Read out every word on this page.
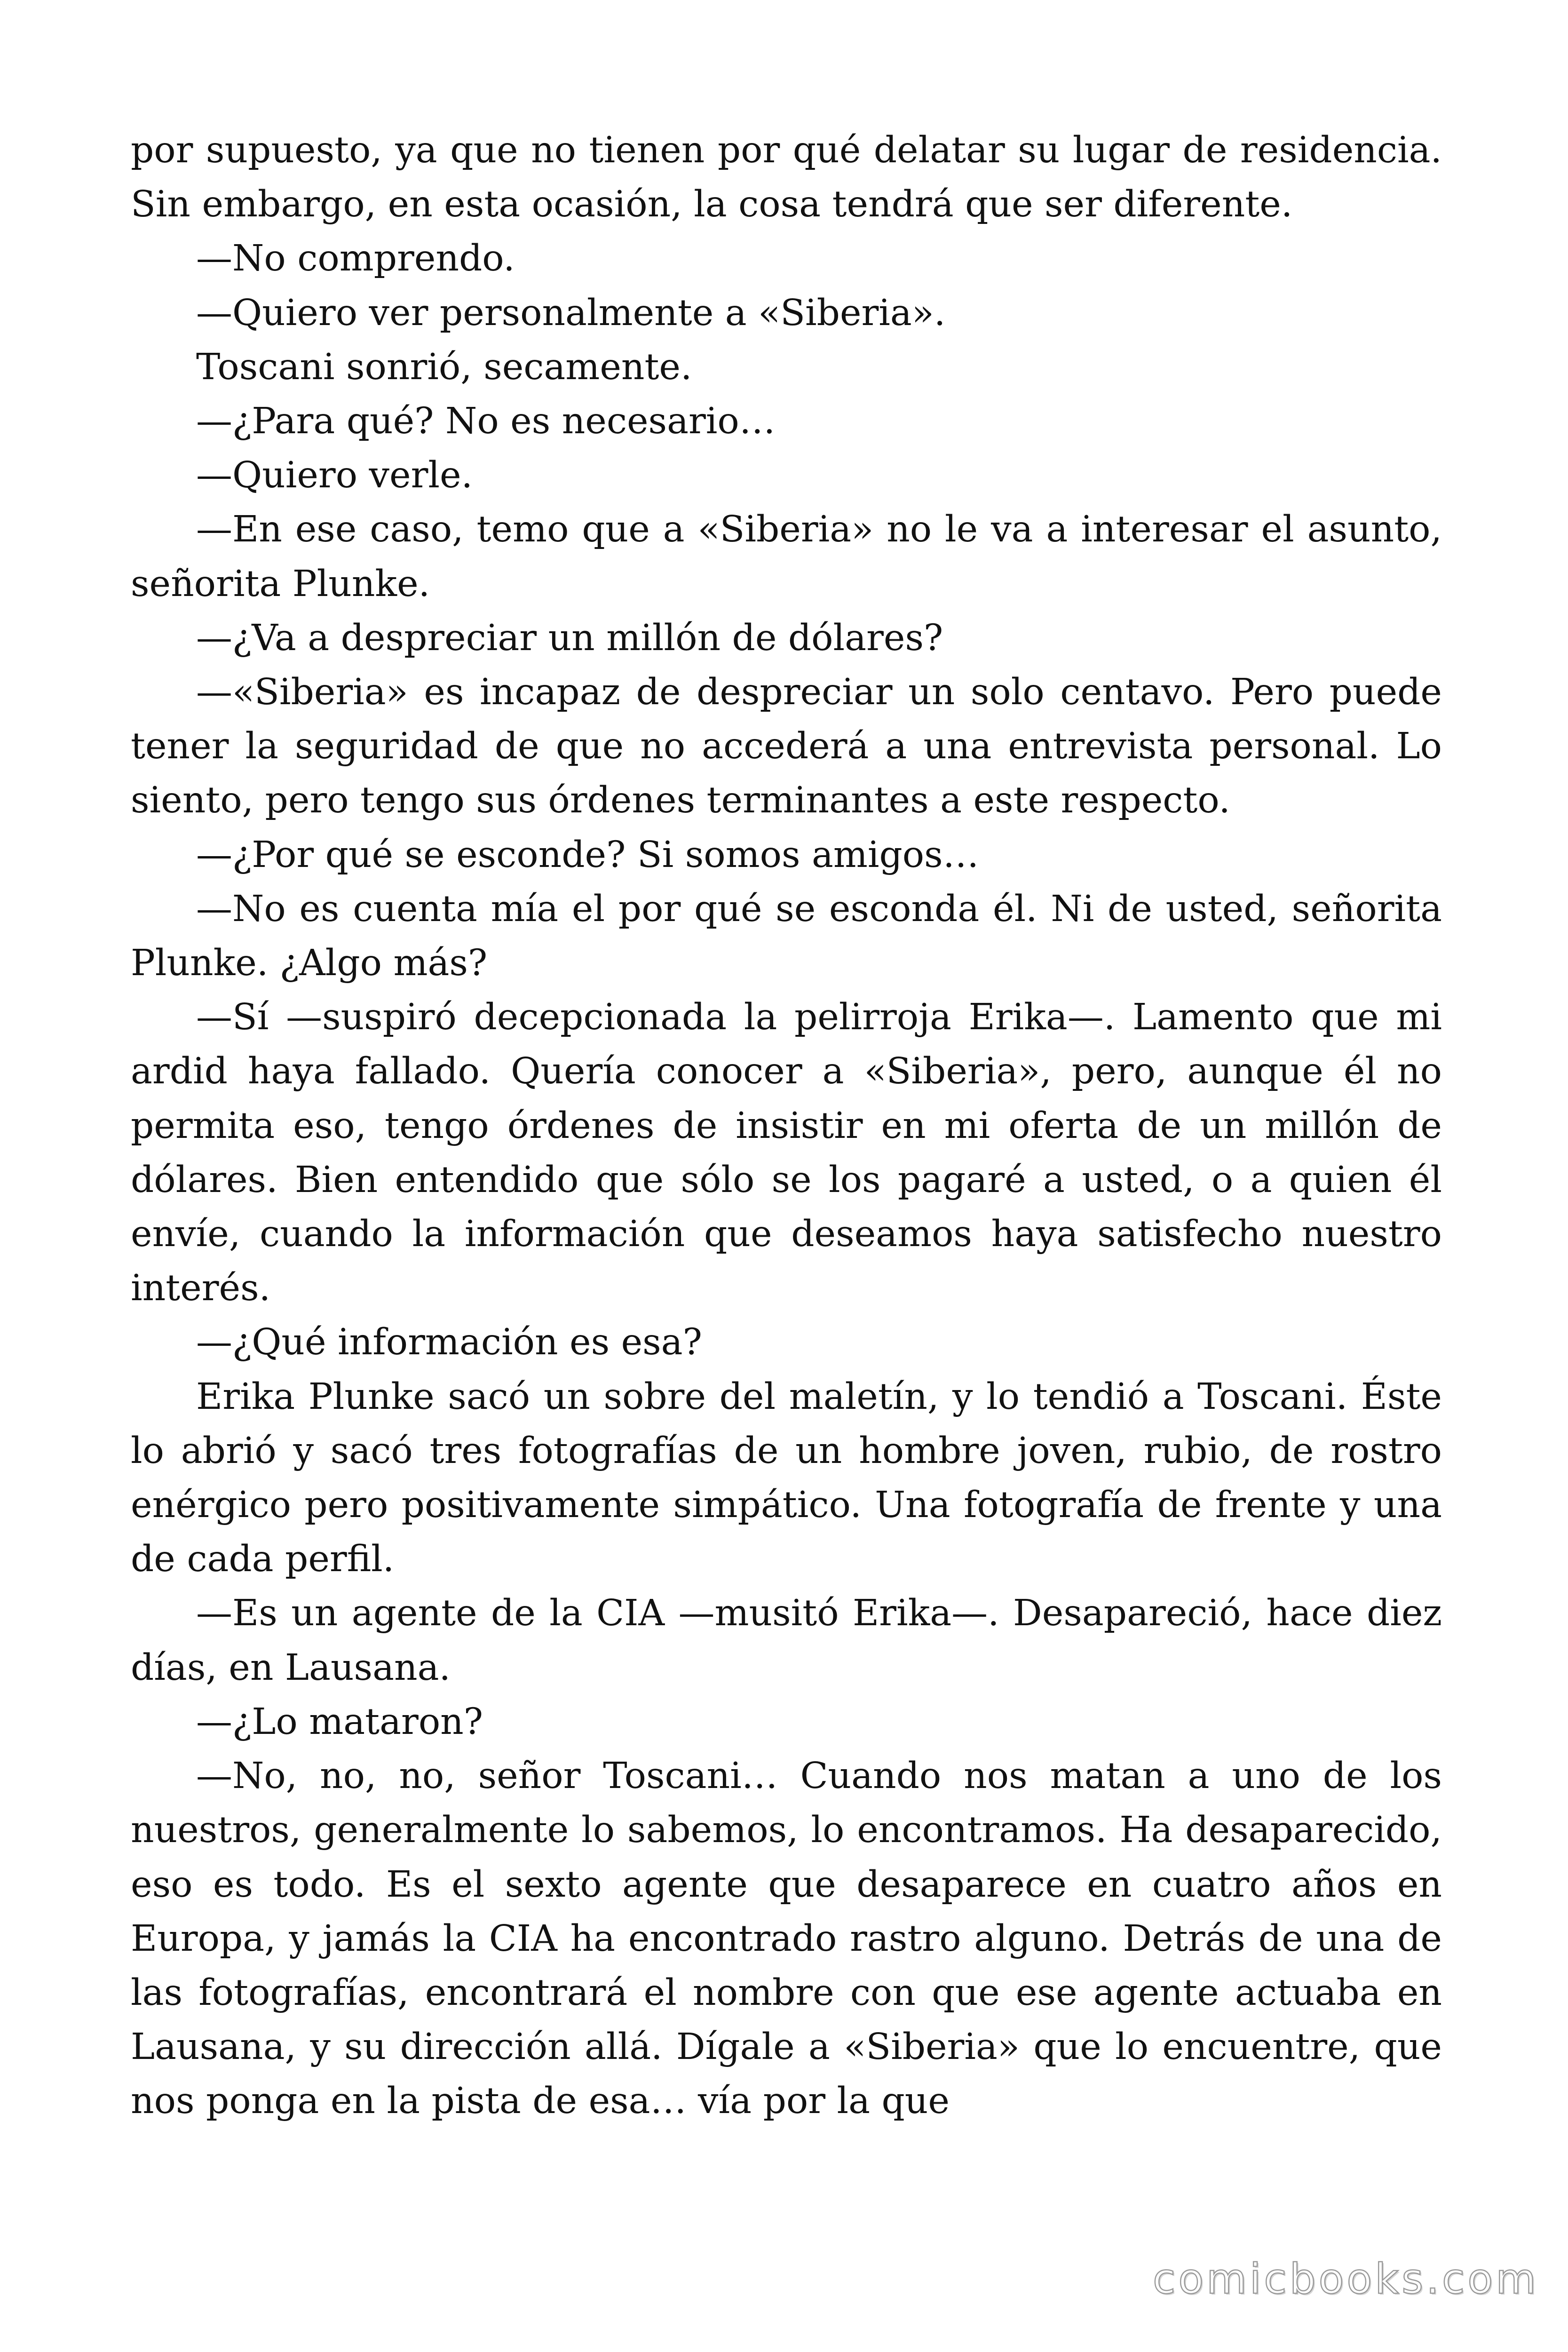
por supuesto, ya que no tienen por qué delatar su lugar de residencia. Sin embargo, en esta ocasión, la cosa tendrá que ser diferente.

—No comprendo.

—Quiero ver personalmente a «Siberia».

Toscani sonrió, secamente.

—¿Para qué? No es necesario…

—Quiero verle.

—En ese caso, temo que a «Siberia» no le va a interesar el asunto, señorita Plunke.

—¿Va a despreciar un millón de dólares?

—«Siberia» es incapaz de despreciar un solo centavo. Pero puede tener la seguridad de que no accederá a una entrevista personal. Lo siento, pero tengo sus órdenes terminantes a este respecto.

—¿Por qué se esconde? Si somos amigos…

—No es cuenta mía el por qué se esconda él. Ni de usted, señorita Plunke. ¿Algo más?

—Sí —suspiró decepcionada la pelirroja Erika—. Lamento que mi ardid haya fallado. Quería conocer a «Siberia», pero, aunque él no permita eso, tengo órdenes de insistir en mi oferta de un millón de dólares. Bien entendido que sólo se los pagaré a usted, o a quien él envíe, cuando la información que deseamos haya satisfecho nuestro interés.

—¿Qué información es esa?

Erika Plunke sacó un sobre del maletín, y lo tendió a Toscani. Éste lo abrió y sacó tres fotografías de un hombre joven, rubio, de rostro enérgico pero positivamente simpático. Una fotografía de frente y una de cada perfil.

—Es un agente de la CIA —musitó Erika—. Desapareció, hace diez días, en Lausana.

—¿Lo mataron?

—No, no, no, señor Toscani… Cuando nos matan a uno de los nuestros, generalmente lo sabemos, lo encontramos. Ha desaparecido, eso es todo. Es el sexto agente que desaparece en cuatro años en Europa, y jamás la CIA ha encontrado rastro alguno. Detrás de una de las fotografías, encontrará el nombre con que ese agente actuaba en Lausana, y su dirección allá. Dígale a «Siberia» que lo encuentre, que nos ponga en la pista de esa… vía por la que

comicbooks.com
